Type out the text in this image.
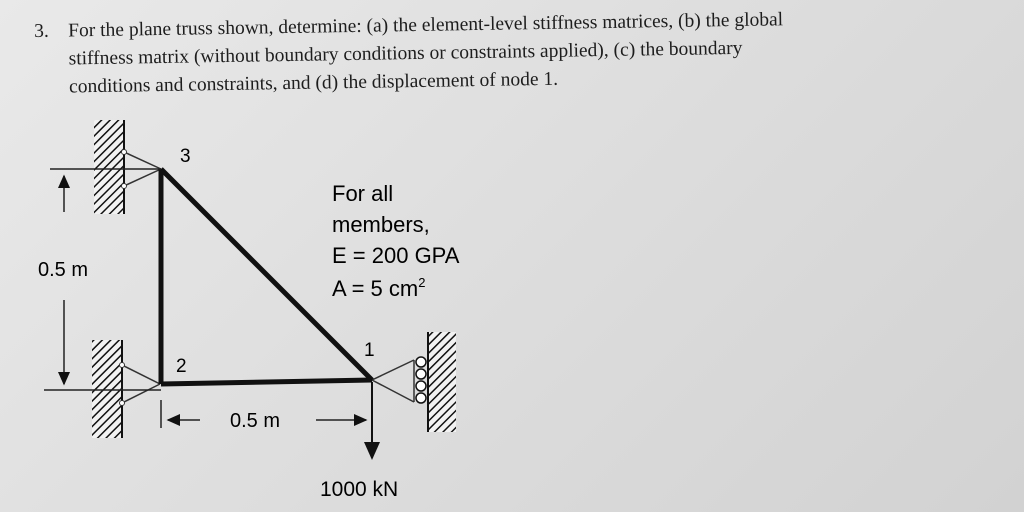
3. For the plane truss shown, determine: (a) the element-level stiffness matrices, (b) the global
stiffness matrix (without boundary conditions or constraints applied), (c) the boundary
conditions and constraints, and (d) the displacement of node 1.
3
2
1
For all
members,
E = 200 GPA
A = 5 $cm^2$
0.5 m
0.5 m
1000 kN
